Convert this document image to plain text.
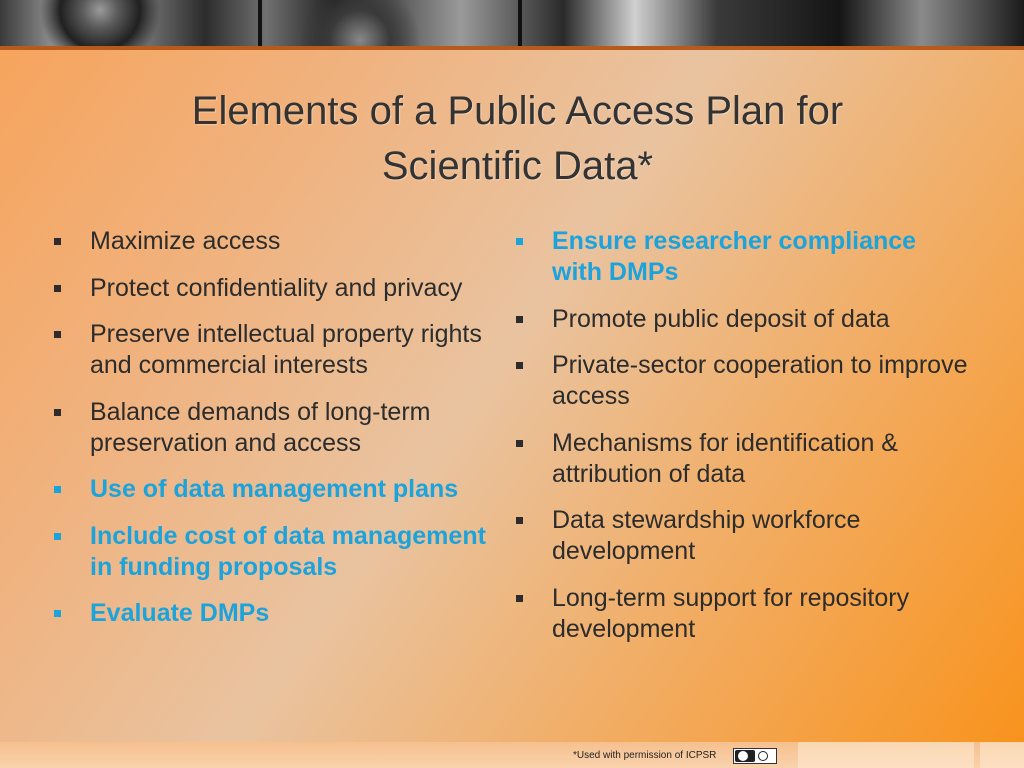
Elements of a Public Access Plan for
Scientific Data*
Maximize access
Protect confidentiality and privacy
Preserve intellectual property rights and commercial interests
Balance demands of long-term preservation and access
Use of data management plans
Include cost of data management in funding proposals
Evaluate DMPs
Ensure researcher compliance with DMPs
Promote public deposit of data
Private-sector cooperation to improve access
Mechanisms for identification & attribution of data
Data stewardship workforce development
Long-term support for repository development
*Used with permission of ICPSR
